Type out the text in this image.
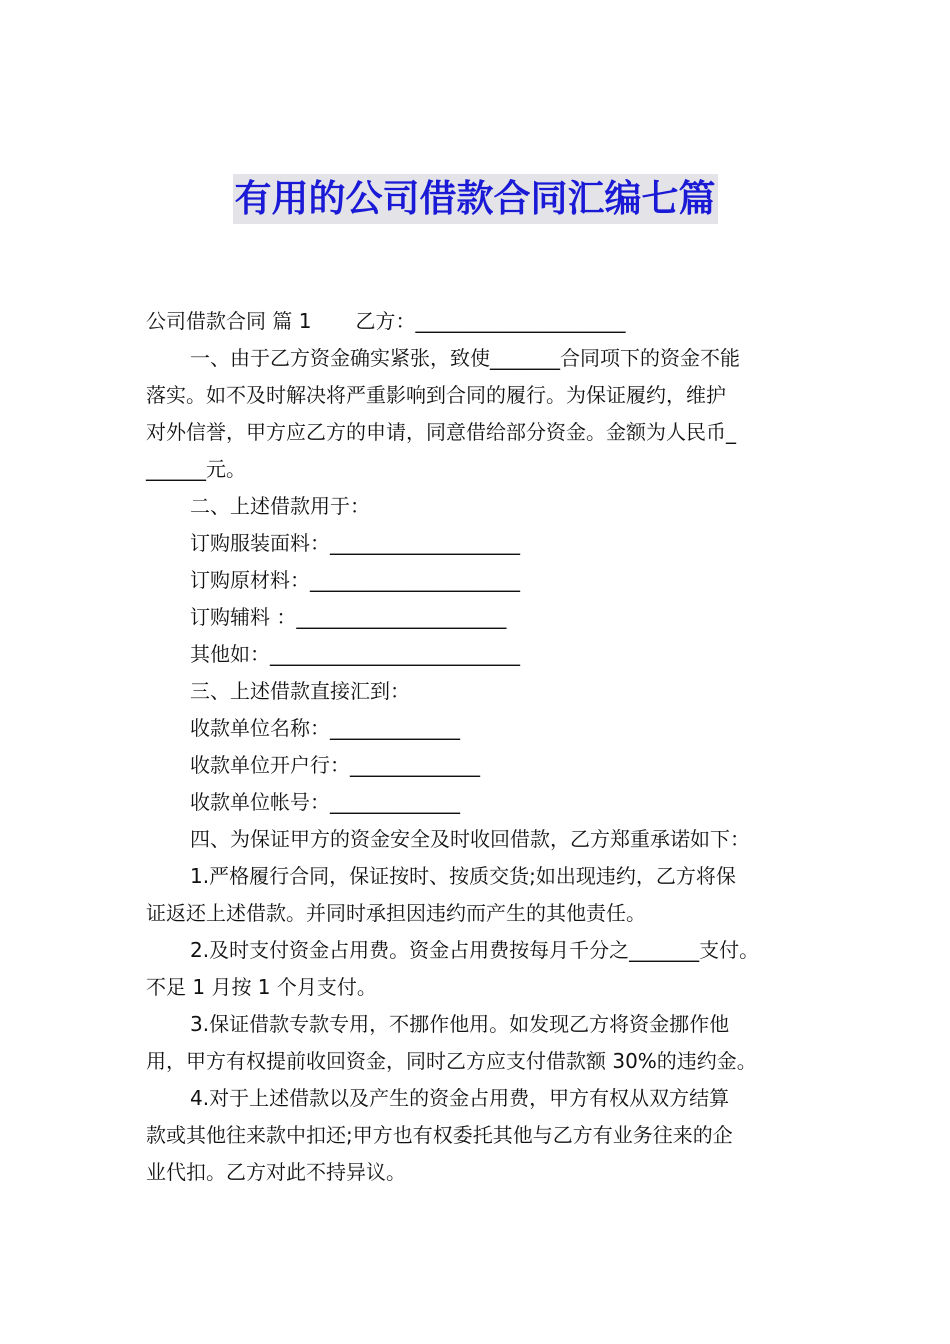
有用的公司借款合同汇编七篇
公司借款合同 篇 1 乙方：_____________________
一、由于乙方资金确实紧张，致使_______合同项下的资金不能
落实。如不及时解决将严重影响到合同的履行。为保证履约，维护
对外信誉，甲方应乙方的申请，同意借给部分资金。金额为人民币_
______元。
二、上述借款用于：
订购服装面料：___________________
订购原材料：_____________________
订购辅料 ：_____________________
其他如：_________________________
三、上述借款直接汇到：
收款单位名称：_____________
收款单位开户行：_____________
收款单位帐号：_____________
四、为保证甲方的资金安全及时收回借款，乙方郑重承诺如下：
1.严格履行合同，保证按时、按质交货;如出现违约，乙方将保
证返还上述借款。并同时承担因违约而产生的其他责任。
2.及时支付资金占用费。资金占用费按每月千分之_______支付。
不足 1 月按 1 个月支付。
3.保证借款专款专用，不挪作他用。如发现乙方将资金挪作他
用，甲方有权提前收回资金，同时乙方应支付借款额 30%的违约金。
4.对于上述借款以及产生的资金占用费，甲方有权从双方结算
款或其他往来款中扣还;甲方也有权委托其他与乙方有业务往来的企
业代扣。乙方对此不持异议。
